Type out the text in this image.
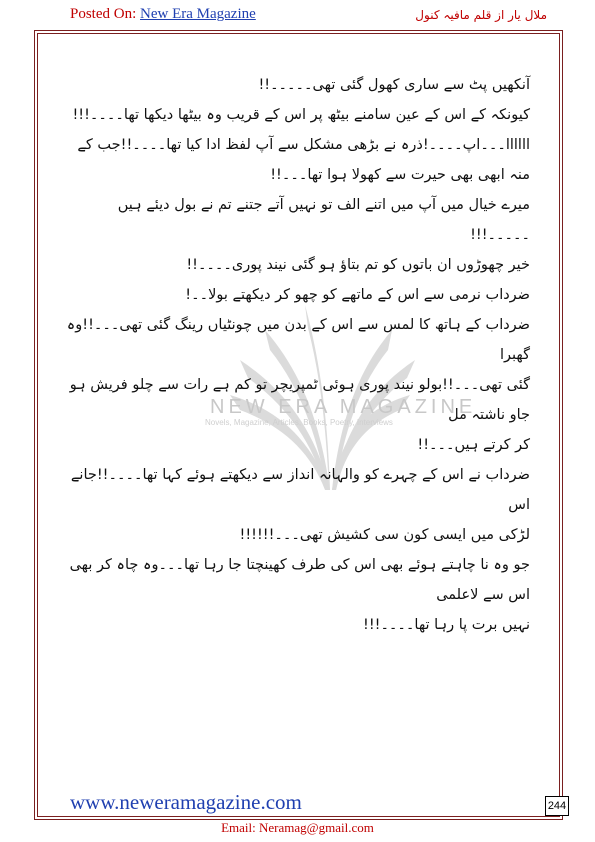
Posted On: New Era Magazine	ملال یار از قلم مافیہ کنول
NEW ERA MAGAZINE
Novels, Magazine, Articles, Books, Poetry, Interviews

آنکھیں پٹ سے ساری کھول گئی تھی۔۔۔۔۔!!

کیونکہ کے اس کے عین سامنے بیٹھ پر اس کے قریب وہ بیٹھا دیکھا تھا۔۔۔۔!!!

اااااا۔۔۔اپ۔۔۔۔!ذرہ نے بڑھی مشکل سے آپ لفظ ادا کیا تھا۔۔۔۔!!جب کے

منہ ابھی بھی حیرت سے کھولا ہوا تھا۔۔۔!!

میرے خیال میں آپ میں اتنے الف تو نہیں آتے جتنے تم نے بول دیئے ہیں

۔۔۔۔۔!!!

خیر چھوڑوں ان باتوں کو تم بتاؤ ہو گئی نیند پوری۔۔۔۔!!

ضرداب نرمی سے اس کے ماتھے کو چھو کر دیکھتے بولا۔۔!

ضرداب کے ہاتھ کا لمس سے اس کے بدن میں چونٹیاں رینگ گئی تھی۔۔۔!!وہ گھبرا

گئی تھی۔۔۔!!بولو نیند پوری ہوئی ٹمپریچر تو کم ہے رات سے چلو فریش ہو جاو ناشتہ مل

کر کرتے ہیں۔۔۔!!

ضرداب نے اس کے چہرے کو والہانہ انداز سے دیکھتے ہوئے کہا تھا۔۔۔۔!!جانے اس

لڑکی میں ایسی کون سی کشیش تھی۔۔۔!!!!!!

جو وہ نا چاہتے ہوئے بھی اس کی طرف کھینچتا جا رہا تھا۔۔۔وہ چاہ کر بھی اس سے لاعلمی

نہیں برت پا رہا تھا۔۔۔۔!!!

www.neweramagazine.com	244
Email: Neramag@gmail.com
